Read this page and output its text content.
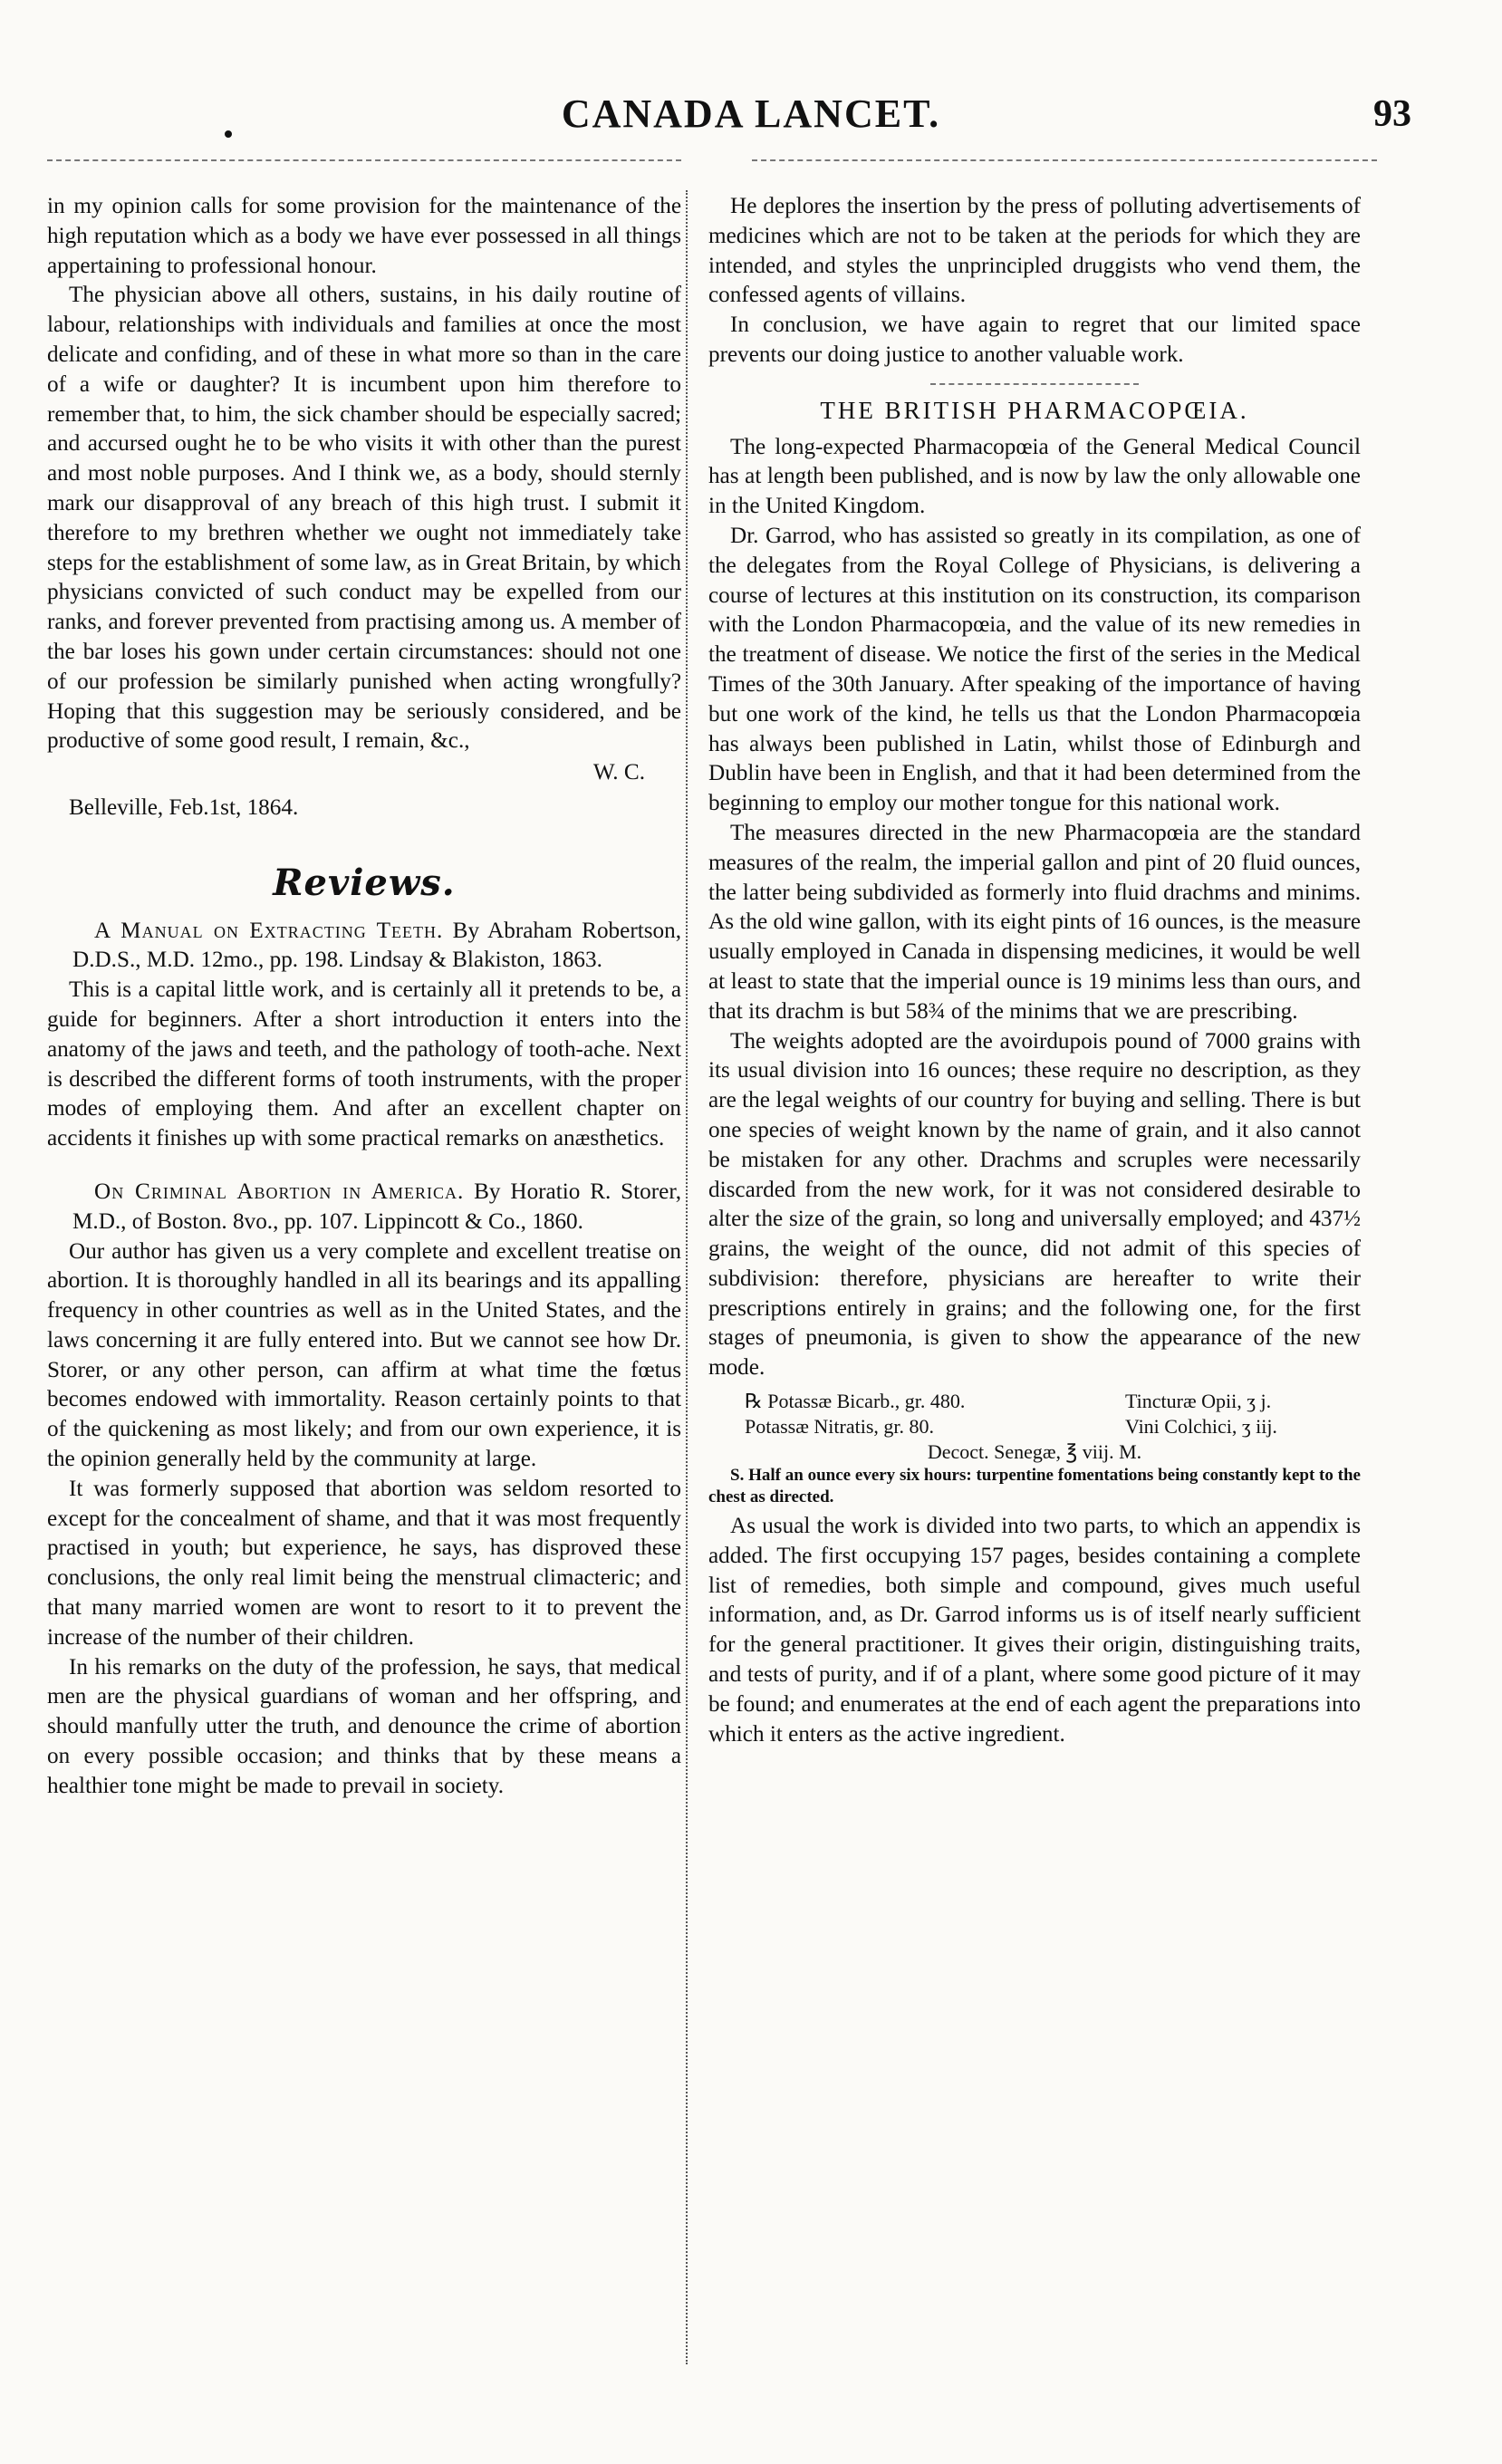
CANADA LANCET.	93

in my opinion calls for some provision for the maintenance of the high reputation which as a body we have ever possessed in all things appertaining to professional honour.

The physician above all others, sustains, in his daily routine of labour, relationships with individuals and families at once the most delicate and confiding, and of these in what more so than in the care of a wife or daughter? It is incumbent upon him therefore to remember that, to him, the sick chamber should be especially sacred; and accursed ought he to be who visits it with other than the purest and most noble purposes. And I think we, as a body, should sternly mark our disapproval of any breach of this high trust. I submit it therefore to my brethren whether we ought not immediately take steps for the establishment of some law, as in Great Britain, by which physicians convicted of such conduct may be expelled from our ranks, and forever prevented from practising among us. A member of the bar loses his gown under certain circumstances: should not one of our profession be similarly punished when acting wrongfully? Hoping that this suggestion may be seriously considered, and be productive of some good result, I remain, &c.,

W. C.

Belleville, Feb.1st, 1864.

Reviews.

A Manual on Extracting Teeth. By Abraham Robertson, D.D.S., M.D. 12mo., pp. 198. Lindsay & Blakiston, 1863.

This is a capital little work, and is certainly all it pretends to be, a guide for beginners. After a short introduction it enters into the anatomy of the jaws and teeth, and the pathology of tooth-ache. Next is described the different forms of tooth instruments, with the proper modes of employing them. And after an excellent chapter on accidents it finishes up with some practical remarks on anæsthetics.

On Criminal Abortion in America. By Horatio R. Storer, M.D., of Boston. 8vo., pp. 107. Lippincott & Co., 1860.

Our author has given us a very complete and excellent treatise on abortion. It is thoroughly handled in all its bearings and its appalling frequency in other countries as well as in the United States, and the laws concerning it are fully entered into. But we cannot see how Dr. Storer, or any other person, can affirm at what time the fœtus becomes endowed with immortality. Reason certainly points to that of the quickening as most likely; and from our own experience, it is the opinion generally held by the community at large.

It was formerly supposed that abortion was seldom resorted to except for the concealment of shame, and that it was most frequently practised in youth; but experience, he says, has disproved these conclusions, the only real limit being the menstrual climacteric; and that many married women are wont to resort to it to prevent the increase of the number of their children.

In his remarks on the duty of the profession, he says, that medical men are the physical guardians of woman and her offspring, and should manfully utter the truth, and denounce the crime of abortion on every possible occasion; and thinks that by these means a healthier tone might be made to prevail in society.

He deplores the insertion by the press of polluting advertisements of medicines which are not to be taken at the periods for which they are intended, and styles the unprincipled druggists who vend them, the confessed agents of villains.

In conclusion, we have again to regret that our limited space prevents our doing justice to another valuable work.

THE BRITISH PHARMACOPŒIA.

The long-expected Pharmacopœia of the General Medical Council has at length been published, and is now by law the only allowable one in the United Kingdom.

Dr. Garrod, who has assisted so greatly in its compilation, as one of the delegates from the Royal College of Physicians, is delivering a course of lectures at this institution on its construction, its comparison with the London Pharmacopœia, and the value of its new remedies in the treatment of disease. We notice the first of the series in the Medical Times of the 30th January. After speaking of the importance of having but one work of the kind, he tells us that the London Pharmacopœia has always been published in Latin, whilst those of Edinburgh and Dublin have been in English, and that it had been determined from the beginning to employ our mother tongue for this national work.

The measures directed in the new Pharmacopœia are the standard measures of the realm, the imperial gallon and pint of 20 fluid ounces, the latter being subdivided as formerly into fluid drachms and minims. As the old wine gallon, with its eight pints of 16 ounces, is the measure usually employed in Canada in dispensing medicines, it would be well at least to state that the imperial ounce is 19 minims less than ours, and that its drachm is but 58¾ of the minims that we are prescribing.

The weights adopted are the avoirdupois pound of 7000 grains with its usual division into 16 ounces; these require no description, as they are the legal weights of our country for buying and selling. There is but one species of weight known by the name of grain, and it also cannot be mistaken for any other. Drachms and scruples were necessarily discarded from the new work, for it was not considered desirable to alter the size of the grain, so long and universally employed; and 437½ grains, the weight of the ounce, did not admit of this species of subdivision: therefore, physicians are hereafter to write their prescriptions entirely in grains; and the following one, for the first stages of pneumonia, is given to show the appearance of the new mode.

℞ Potassæ Bicarb., gr. 480.	Tincturæ Opii, ʒ j.
Potassæ Nitratis, gr. 80.	Vini Colchici, ʒ iij.
Decoct. Senegæ, ℥ viij. M.

S. Half an ounce every six hours: turpentine fomentations being constantly kept to the chest as directed.

As usual the work is divided into two parts, to which an appendix is added. The first occupying 157 pages, besides containing a complete list of remedies, both simple and compound, gives much useful information, and, as Dr. Garrod informs us is of itself nearly sufficient for the general practitioner. It gives their origin, distinguishing traits, and tests of purity, and if of a plant, where some good picture of it may be found; and enumerates at the end of each agent the preparations into which it enters as the active ingredient.
